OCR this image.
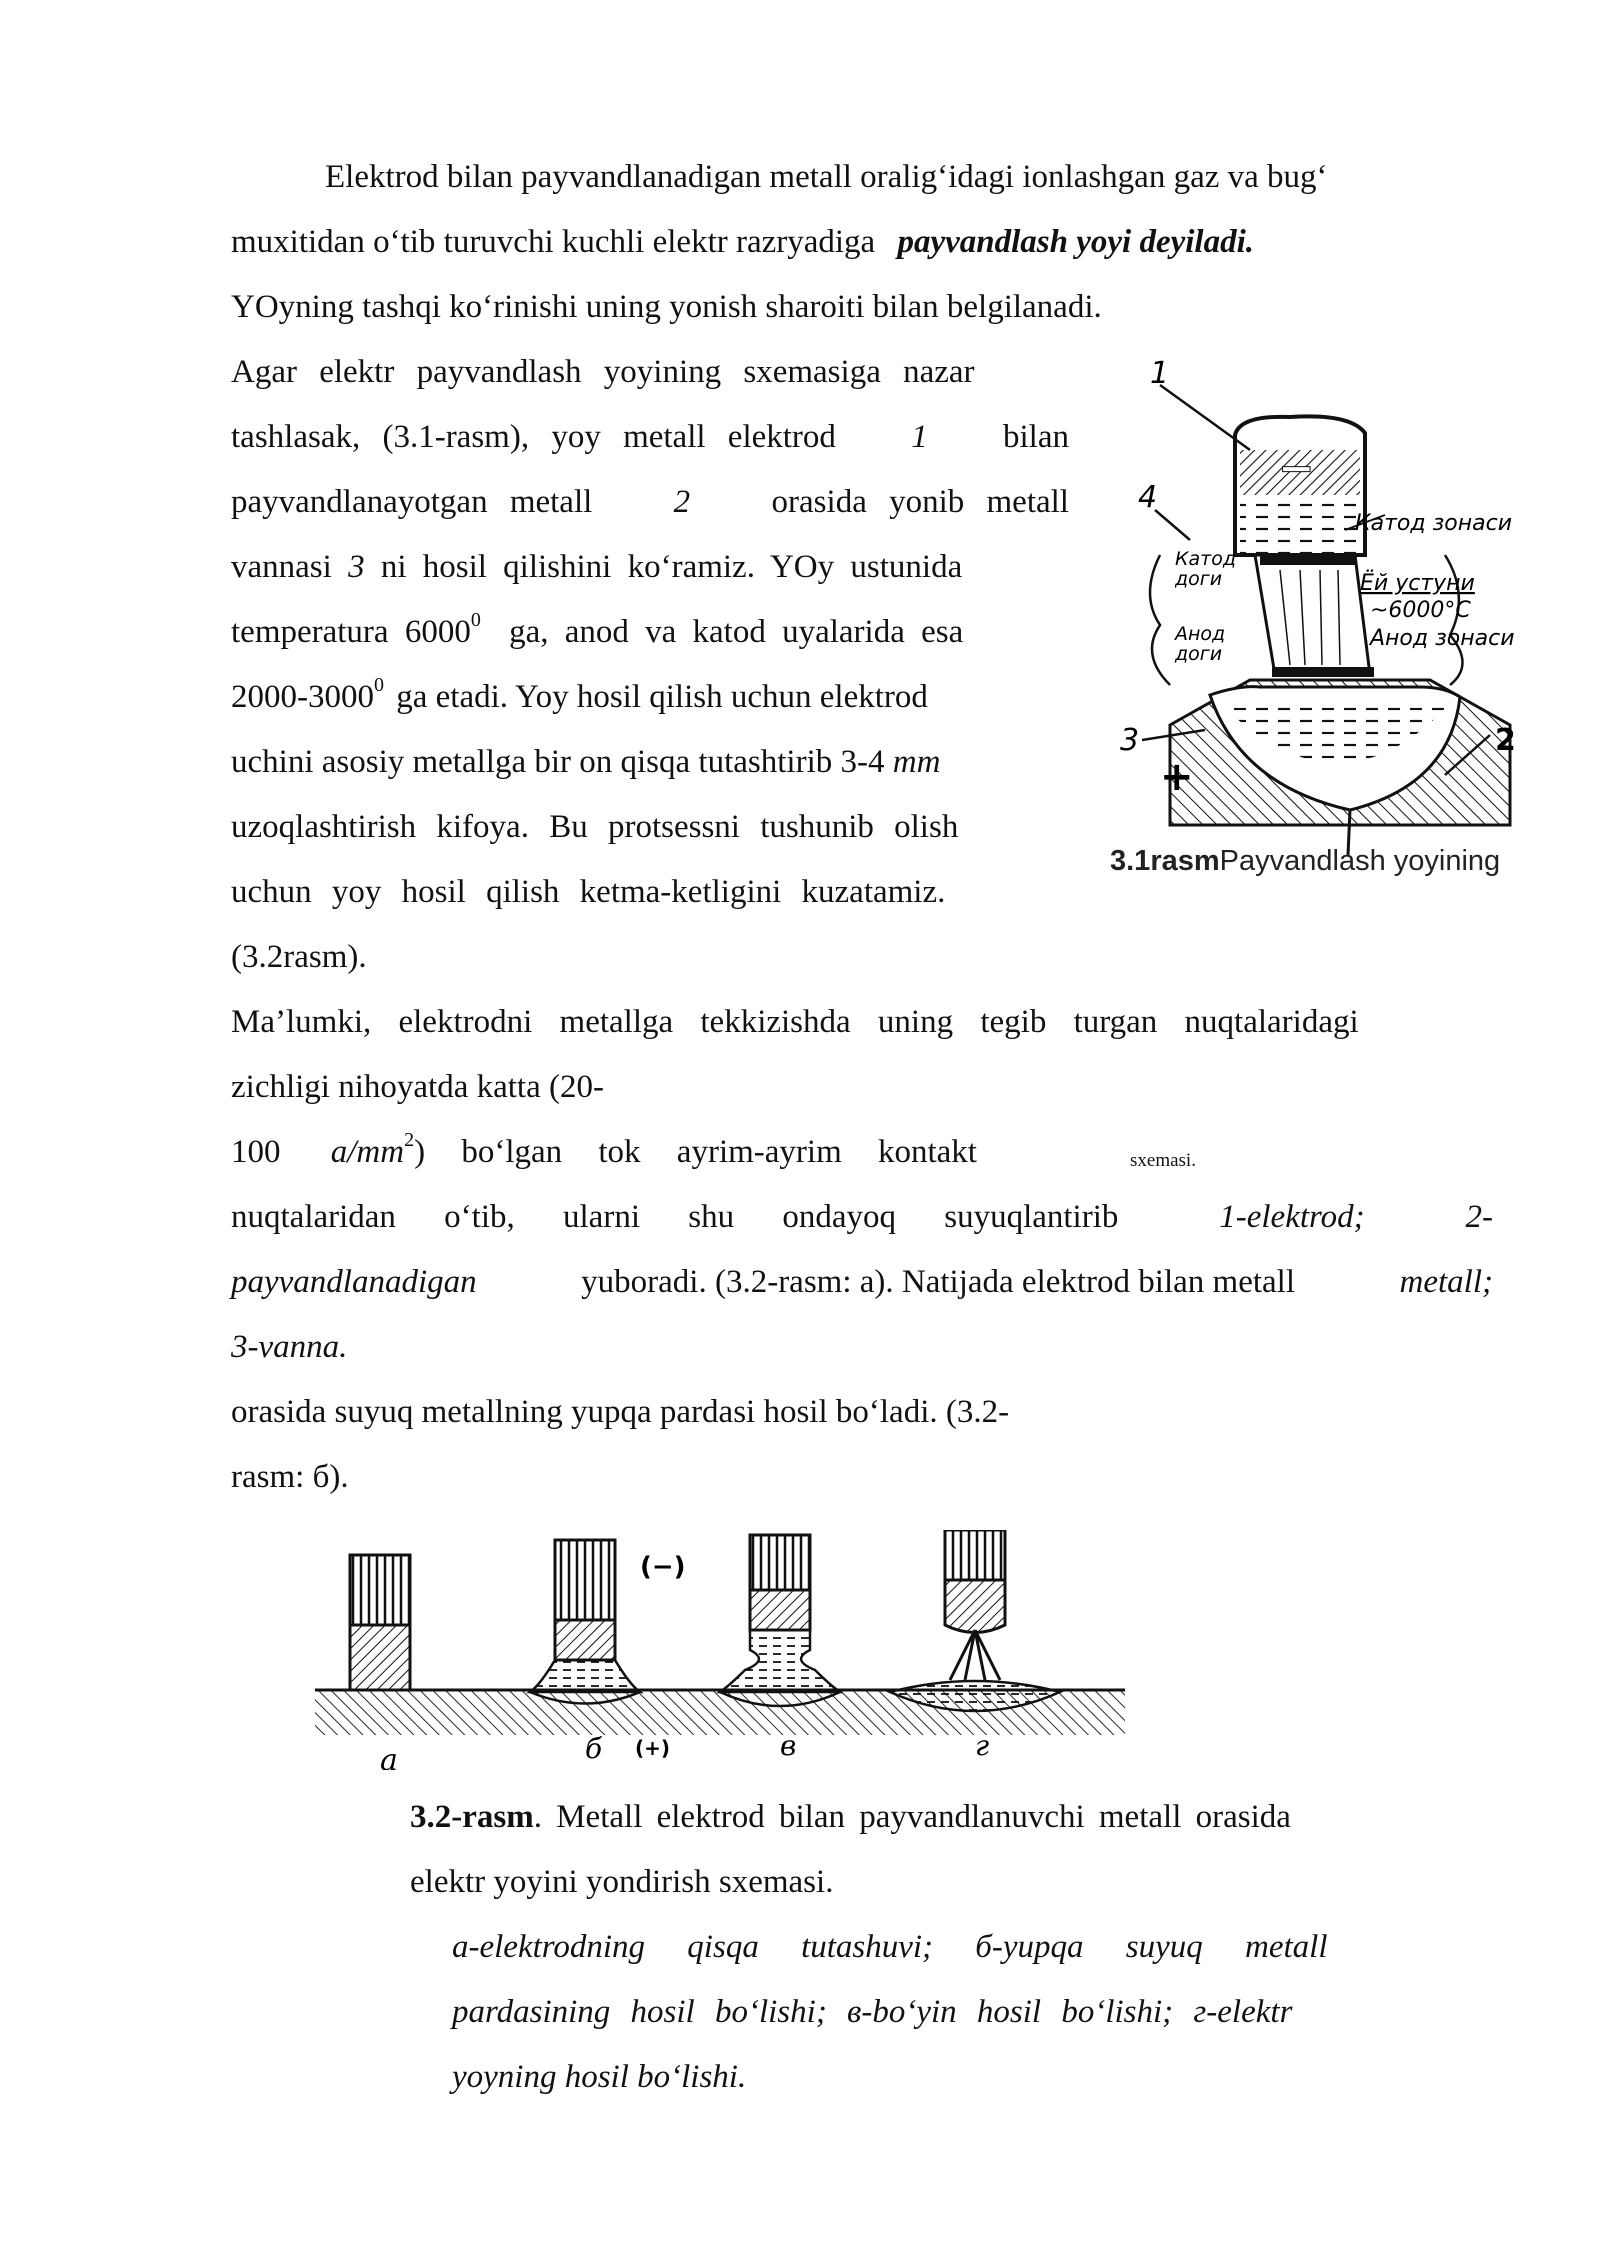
Elektrod bilan payvandlanadigan metall oralig‘idagi ionlashgan gaz va bug‘
muxitidan o‘tib turuvchi kuchli elektr razryadiga payvandlash yoyi deyiladi.
YOyning tashqi ko‘rinishi uning yonish sharoiti bilan belgilanadi.
Agar elektr payvandlash yoyining sxemasiga nazar
tashlasak, (3.1-rasm), yoy metall elektrod 1 bilan
payvandlanayotgan metall 2 orasida yonib metall
vannasi 3 ni hosil qilishini ko‘ramiz. YOy ustunida
temperatura 6000$^0$ ga, anod va katod uyalarida esa
2000-3000$^0$ ga etadi. Yoy hosil qilish uchun elektrod
uchini asosiy metallga bir on qisqa tutashtirib 3-4 mm
uzoqlashtirish kifoya. Bu protsessni tushunib olish
uchun yoy hosil qilish ketma-ketligini kuzatamiz.
(3.2rasm).
1
4
3	2
−
+
Катод зонаси
Катод
доги
Анод
доги
Ёй устуни
~6000°C
Анод зонаси
3.1rasmPayvandlash yoyining
Ma’lumki, elektrodni metallga tekkizishda uning tegib turgan nuqtalaridagi
zichligi nihoyatda katta (20-
100 $a/mm^2$) bo‘lgan tok ayrim-ayrim kontakt	sxemasi.
nuqtalaridan o‘tib, ularni shu ondayoq suyuqlantirib	1-elektrod;	2-
payvandlanadigan	yuboradi. (3.2-rasm: a). Natijada elektrod bilan metall	metall;
3-vanna.
orasida suyuq metallning yupqa pardasi hosil bo‘ladi. (3.2-
rasm: б).
(−)
(+)
а	б	в	г
3.2-rasm. Metall elektrod bilan payvandlanuvchi metall orasida
elektr yoyini yondirish sxemasi.
a-elektrodning qisqa tutashuvi; б-yupqa suyuq metall
pardasining hosil bo‘lishi; в-bo‘yin hosil bo‘lishi; г-elektr
yoyning hosil bo‘lishi.
